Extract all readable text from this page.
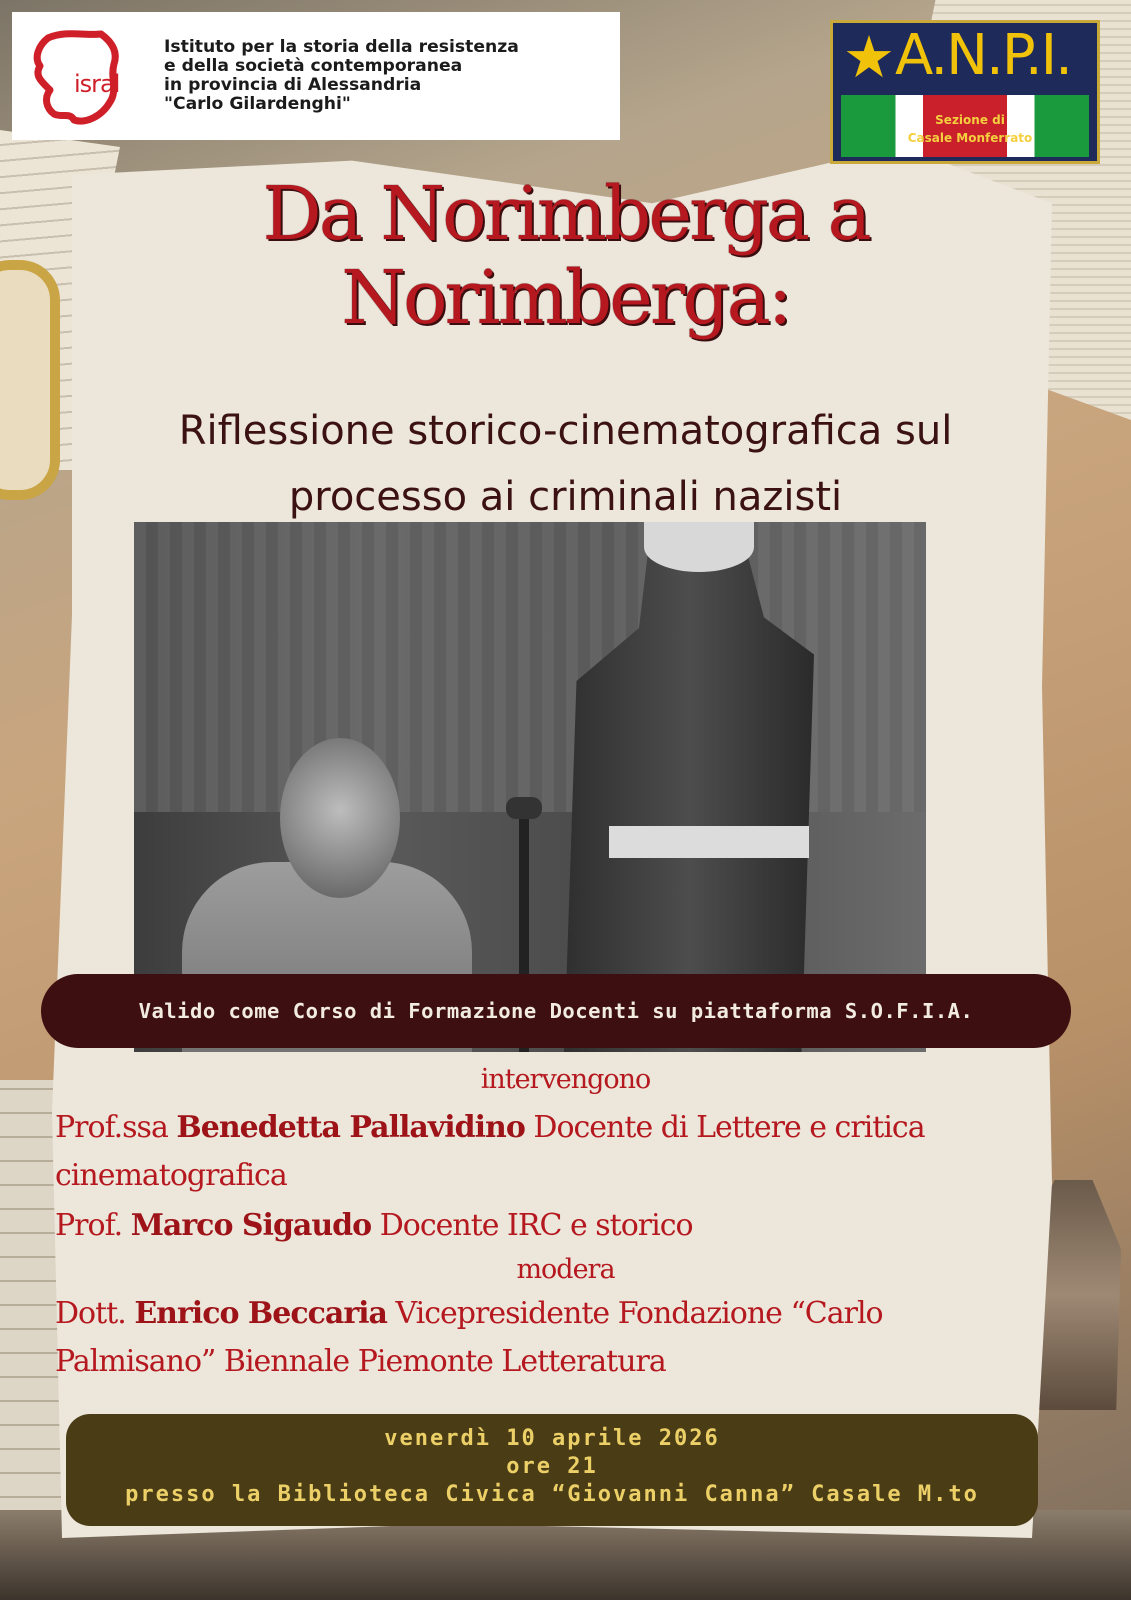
isral
Istituto per la storia della resistenza
e della società contemporanea
in provincia di Alessandria
"Carlo Gilardenghi"
★ A.N.P.I.
Sezione di
Casale Monferrato
Da Norimberga a
Norimberga:
Riflessione storico-cinematografica sul
processo ai criminali nazisti
Valido come Corso di Formazione Docenti su piattaforma S.O.F.I.A.
intervengono
Prof.ssa Benedetta Pallavidino Docente di Lettere e critica
cinematografica
Prof. Marco Sigaudo Docente IRC e storico
modera
Dott. Enrico Beccaria Vicepresidente Fondazione “Carlo
Palmisano” Biennale Piemonte Letteratura
venerdì 10 aprile 2026
ore 21
presso la Biblioteca Civica “Giovanni Canna” Casale M.to
